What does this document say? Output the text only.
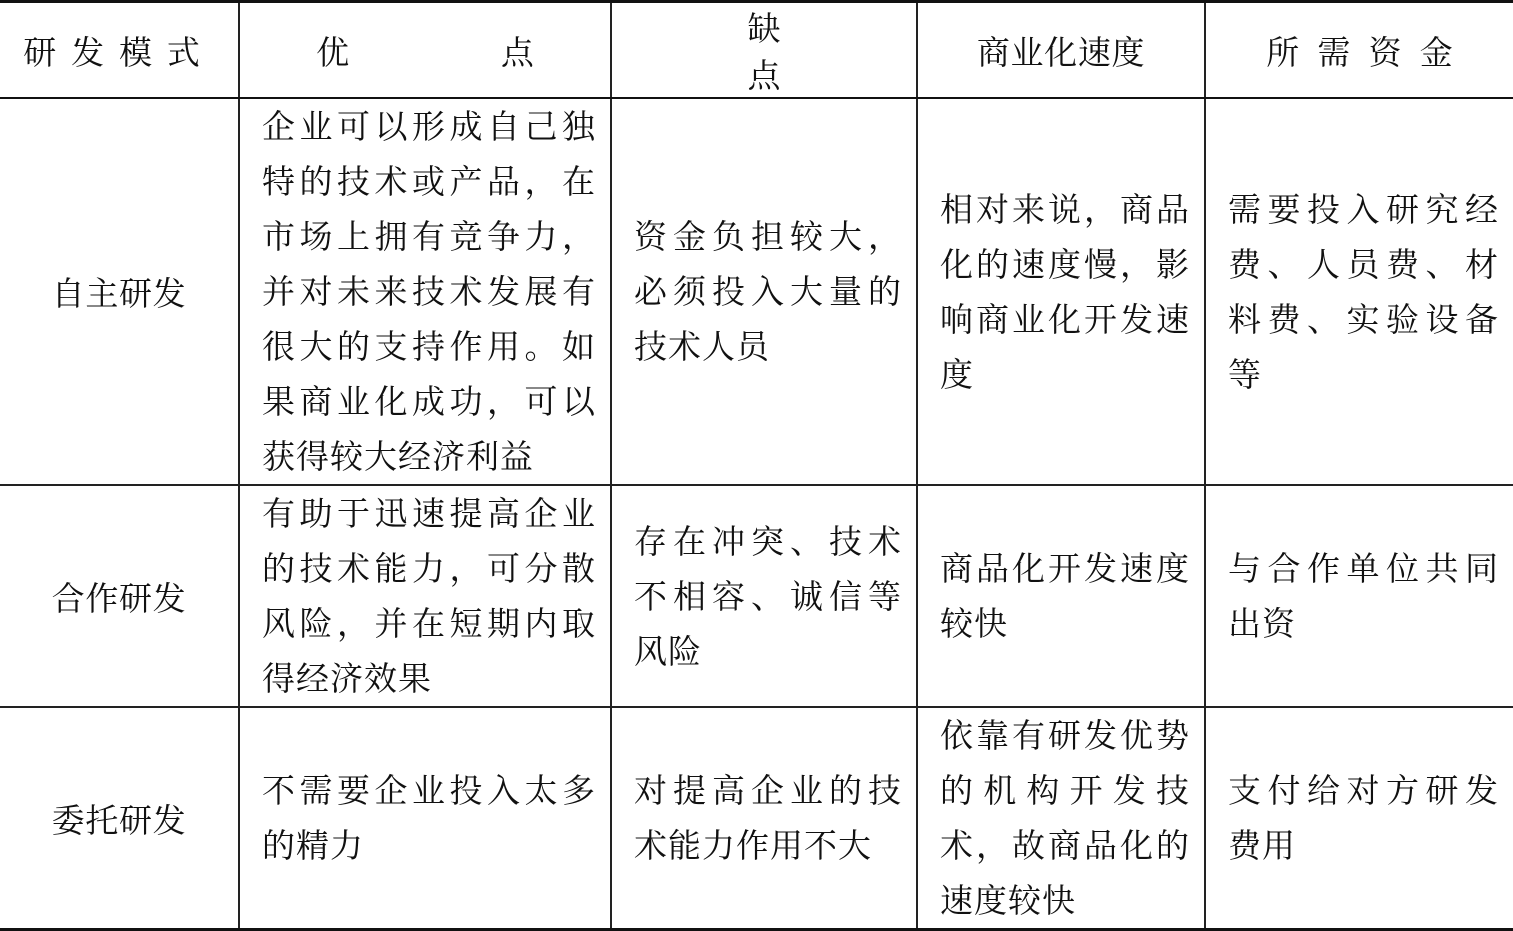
研发模式	优　点	缺　点	商业化速度	所需资金
自主研发	企业可以形成自己独特的技术或产品，在市场上拥有竞争力，并对未来技术发展有很大的支持作用。如果商业化成功，可以获得较大经济利益	资金负担较大，必须投入大量的技术人员	相对来说，商品化的速度慢，影响商业化开发速度	需要投入研究经费、人员费、材料费、实验设备等
合作研发	有助于迅速提高企业的技术能力，可分散风险，并在短期内取得经济效果	存在冲突、技术不相容、诚信等风险	商品化开发速度较快	与合作单位共同出资
委托研发	不需要企业投入太多的精力	对提高企业的技术能力作用不大	依靠有研发优势的机构开发技术，故商品化的速度较快	支付给对方研发费用
